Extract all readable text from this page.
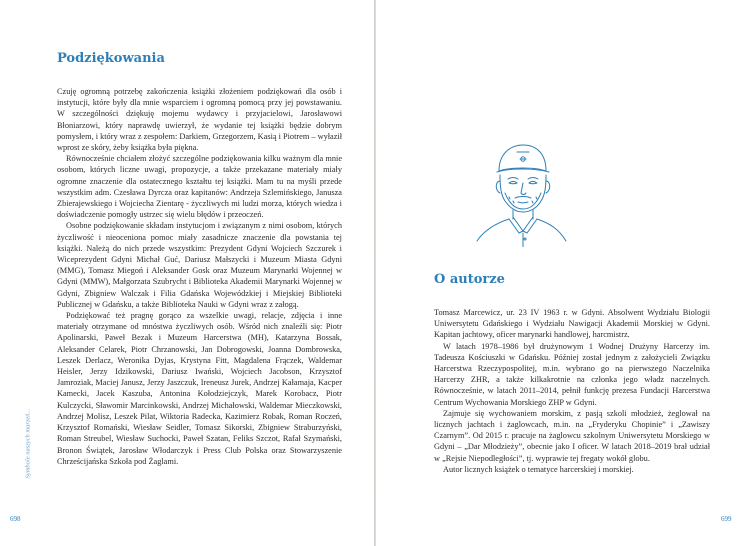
Podziękowania

Czuję ogromną potrzebę zakończenia książki złożeniem podziękowań dla osób i instytucji, które były dla mnie wsparciem i ogromną pomocą przy jej powstawaniu. W szczególności dziękuję mojemu wydawcy i przyjacielowi, Jarosławowi Błoniarzowi, który naprawdę uwierzył, że wydanie tej książki będzie dobrym pomysłem, i który wraz z zespołem: Darkiem, Grzegorzem, Kasią i Piotrem – wyłaził wprost ze skóry, żeby książka była piękna.

Równocześnie chciałem złożyć szczególne podziękowania kilku ważnym dla mnie osobom, których liczne uwagi, propozycje, a także przekazane materiały miały ogromne znaczenie dla ostatecznego kształtu tej książki. Mam tu na myśli przede wszystkim adm. Czesława Dyrcza oraz kapitanów: Andrzeja Szlemińskiego, Janusza Zbierajewskiego i Wojciecha Zientarę - życzliwych mi ludzi morza, których wiedza i doświadczenie pomogły ustrzec się wielu błędów i przeoczeń.

Osobne podziękowanie składam instytucjom i związanym z nimi osobom, których życzliwość i nieoceniona pomoc miały zasadnicze znaczenie dla powstania tej książki. Należą do nich przede wszystkim: Prezydent Gdyni Wojciech Szczurek i Wiceprezydent Gdyni Michał Guć, Dariusz Małszycki i Muzeum Miasta Gdyni (MMG), Tomasz Miegoń i Aleksander Gosk oraz Muzeum Marynarki Wojennej w Gdyni (MMW), Małgorzata Szubrycht i Biblioteka Akademii Marynarki Wojennej w Gdyni, Zbigniew Walczak i Filia Gdańska Wojewódzkiej i Miejskiej Biblioteki Publicznej w Gdańsku, a także Biblioteka Nauki w Gdyni wraz z załogą.

Podziękować też pragnę gorąco za wszelkie uwagi, relacje, zdjęcia i inne materiały otrzymane od mnóstwa życzliwych osób. Wśród nich znaleźli się: Piotr Apolinarski, Paweł Bezak i Muzeum Harcerstwa (MH), Katarzyna Bossak, Aleksander Celarek, Piotr Chrzanowski, Jan Dobrogowski, Joanna Dombrowska, Leszek Derlacz, Weronika Dyjas, Krystyna Fitt, Magdalena Frączek, Waldemar Heisler, Jerzy Idzikowski, Dariusz Iwański, Wojciech Jacobson, Krzysztof Jamroziak, Maciej Janusz, Jerzy Jaszczuk, Ireneusz Jurek, Andrzej Kałamaja, Kacper Kamecki, Jacek Kaszuba, Antonina Kołodziejczyk, Marek Korobacz, Piotr Kulczycki, Sławomir Marcinkowski, Andrzej Michałowski, Waldemar Mieczkowski, Andrzej Molisz, Leszek Pilat, Wiktoria Radecka, Kazimierz Robak, Roman Roczeń, Krzysztof Romański, Wiesław Seidler, Tomasz Sikorski, Zbigniew Straburzyński, Roman Streubel, Wiesław Suchocki, Paweł Szatan, Feliks Szczot, Rafał Szymański, Bronon Świątek, Jarosław Włodarczyk i Press Club Polska oraz Stowarzyszenie Chrześcijańska Szkoła pod Żaglami.

Symbole naszych marzeń...
698
O autorze

Tomasz Marcewicz, ur. 23 IV 1963 r. w Gdyni. Absolwent Wydziału Biologii Uniwersytetu Gdańskiego i Wydziału Nawigacji Akademii Morskiej w Gdyni. Kapitan jachtowy, oficer marynarki handlowej, harcmistrz.

W latach 1978–1986 był drużynowym 1 Wodnej Drużyny Harcerzy im. Tadeusza Kościuszki w Gdańsku. Później został jednym z założycieli Związku Harcerstwa Rzeczypospolitej, m.in. wybrano go na pierwszego Naczelnika Harcerzy ZHR, a także kilkakrotnie na członka jego władz naczelnych. Równocześnie, w latach 2011–2014, pełnił funkcję prezesa Fundacji Harcerstwa Centrum Wychowania Morskiego ZHP w Gdyni.

Zajmuje się wychowaniem morskim, z pasją szkoli młodzież, żeglował na licznych jachtach i żaglowcach, m.in. na „Fryderyku Chopinie” i „Zawiszy Czarnym”. Od 2015 r. pracuje na żaglowcu szkolnym Uniwersytetu Morskiego w Gdyni – „Dar Młodzieży”, obecnie jako I oficer. W latach 2018–2019 brał udział w „Rejsie Niepodległości”, tj. wyprawie tej fregaty wokół globu.

Autor licznych książek o tematyce harcerskiej i morskiej.

699
